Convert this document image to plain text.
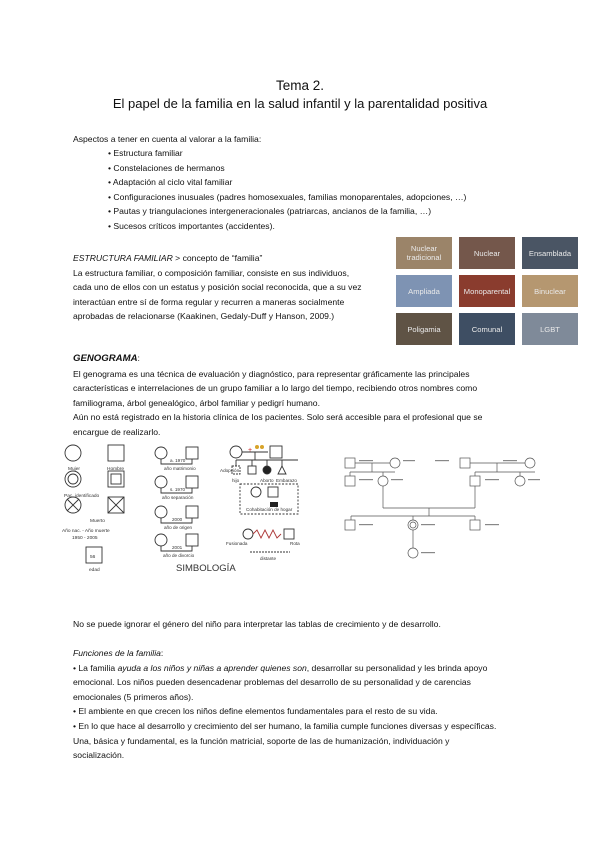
Tema 2.
El papel de la familia en la salud infantil y la parentalidad positiva
Aspectos a tener en cuenta al valorar a la familia:
• Estructura familiar
• Constelaciones de hermanos
• Adaptación al ciclo vital familiar
• Configuraciones inusuales (padres homosexuales, familias monoparentales, adopciones, …)
• Pautas y triangulaciones intergeneracionales (patriarcas, ancianos de la familia, …)
• Sucesos críticos importantes (accidentes).
ESTRUCTURA FAMILIAR > concepto de “familia”
La estructura familiar, o composición familiar, consiste en sus individuos,
cada uno de ellos con un estatus y posición social reconocida, que a su vez
interactúan entre sí de forma regular y recurren a maneras socialmente
aprobadas de relacionarse (Kaakinen, Gedaly-Duff y Hanson, 2009.)
Nuclear tradicional	Nuclear	Ensamblada
Ampliada	Monoparental	Binuclear
Poligamia	Comunal	LGBT
GENOGRAMA:
El genograma es una técnica de evaluación y diagnóstico, para representar gráficamente las principales
características e interrelaciones de un grupo familiar a lo largo del tiempo, recibiendo otros nombres como
familiograma, árbol genealógico, árbol familiar y pedigrí humano.
Aún no está registrado en la historia clínica de los pacientes. Solo será accesible para el profesional que se
encargue de realizarlo.
Mujer	Hombre
Pac. identificado
Muerto
Año nac. - Año muerte
1950 - 2005
56
edad
a. 1970
año matrimonio
s. 1970
año separación
2000
año de origen
2001
año de divorcio
+
Adopción
hijo	Aborto Embarazo
Cohabitación de hogar
Fusionada	Rota
distante
SIMBOLOGÍA
No se puede ignorar el género del niño para interpretar las tablas de crecimiento y de desarrollo.
Funciones de la familia:
• La familia ayuda a los niños y niñas a aprender quienes son, desarrollar su personalidad y les brinda apoyo
emocional. Los niños pueden desencadenar problemas del desarrollo de su personalidad y de carencias
emocionales (5 primeros años).
• El ambiente en que crecen los niños define elementos fundamentales para el resto de su vida.
• En lo que hace al desarrollo y crecimiento del ser humano, la familia cumple funciones diversas y específicas.
Una, básica y fundamental, es la función matricial, soporte de las de humanización, individuación y
socialización.
